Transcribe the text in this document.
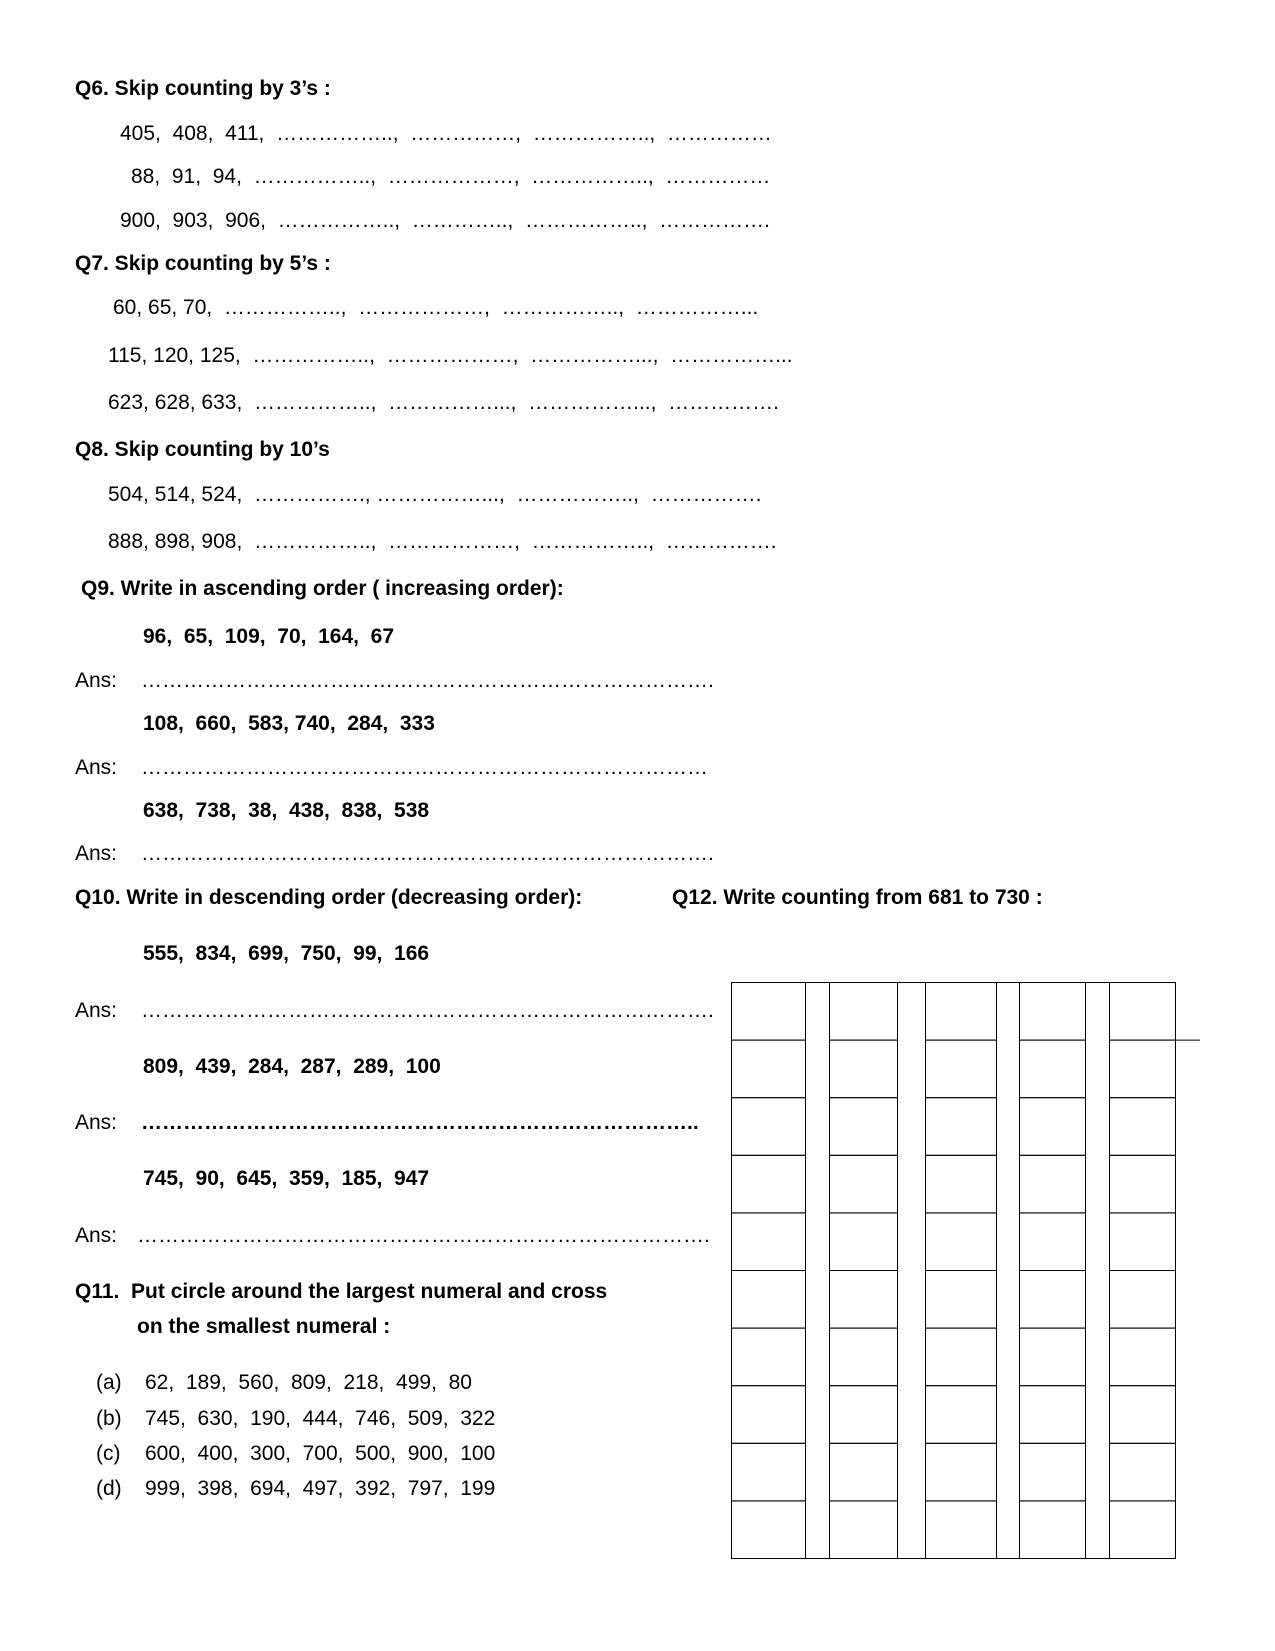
Q6. Skip counting by 3’s :
405,  408,  411,  ……………..,  ……………,  ……………..,  ……………
88,  91,  94,  ……………..,  ………………,  ……………..,  ……………
900,  903,  906,  ……………..,  …………..,  ……………..,  …………….
Q7. Skip counting by 5’s :
60, 65, 70,  ……………..,  ………………,  ……………..,  ……………...
115, 120, 125,  ……………..,  ………………,  ……………...,  ……………...
623, 628, 633,  ……………..,  ……………...,  ……………...,  …………….
Q8. Skip counting by 10’s
504, 514, 524,  ……………., ……………...,  ……………..,  …………….
888, 898, 908,  ……………..,  ………………,  ……………..,  …………….
Q9. Write in ascending order ( increasing order):
96,  65,  109,  70,  164,  67
Ans: ……………………………………………………………………….
108,  660,  583, 740,  284,  333
Ans: ………………………………………………………………………
638,  738,  38,  438,  838,  538
Ans: ……………………………………………………………………….
Q10. Write in descending order (decreasing order):
555,  834,  699,  750,  99,  166
Ans: ……………………………………………………………………….
809,  439,  284,  287,  289,  100
Ans: ……………………………………………………………………..
745,  90,  645,  359,  185,  947
Ans: ……………………………………………………………………….
Q11.  Put circle around the largest numeral and cross
on the smallest numeral :
(a) 62,  189,  560,  809,  218,  499,  80
(b) 745,  630,  190,  444,  746,  509,  322
(c) 600,  400,  300,  700,  500,  900,  100
(d) 999,  398,  694,  497,  392,  797,  199
Q12. Write counting from 681 to 730 :
